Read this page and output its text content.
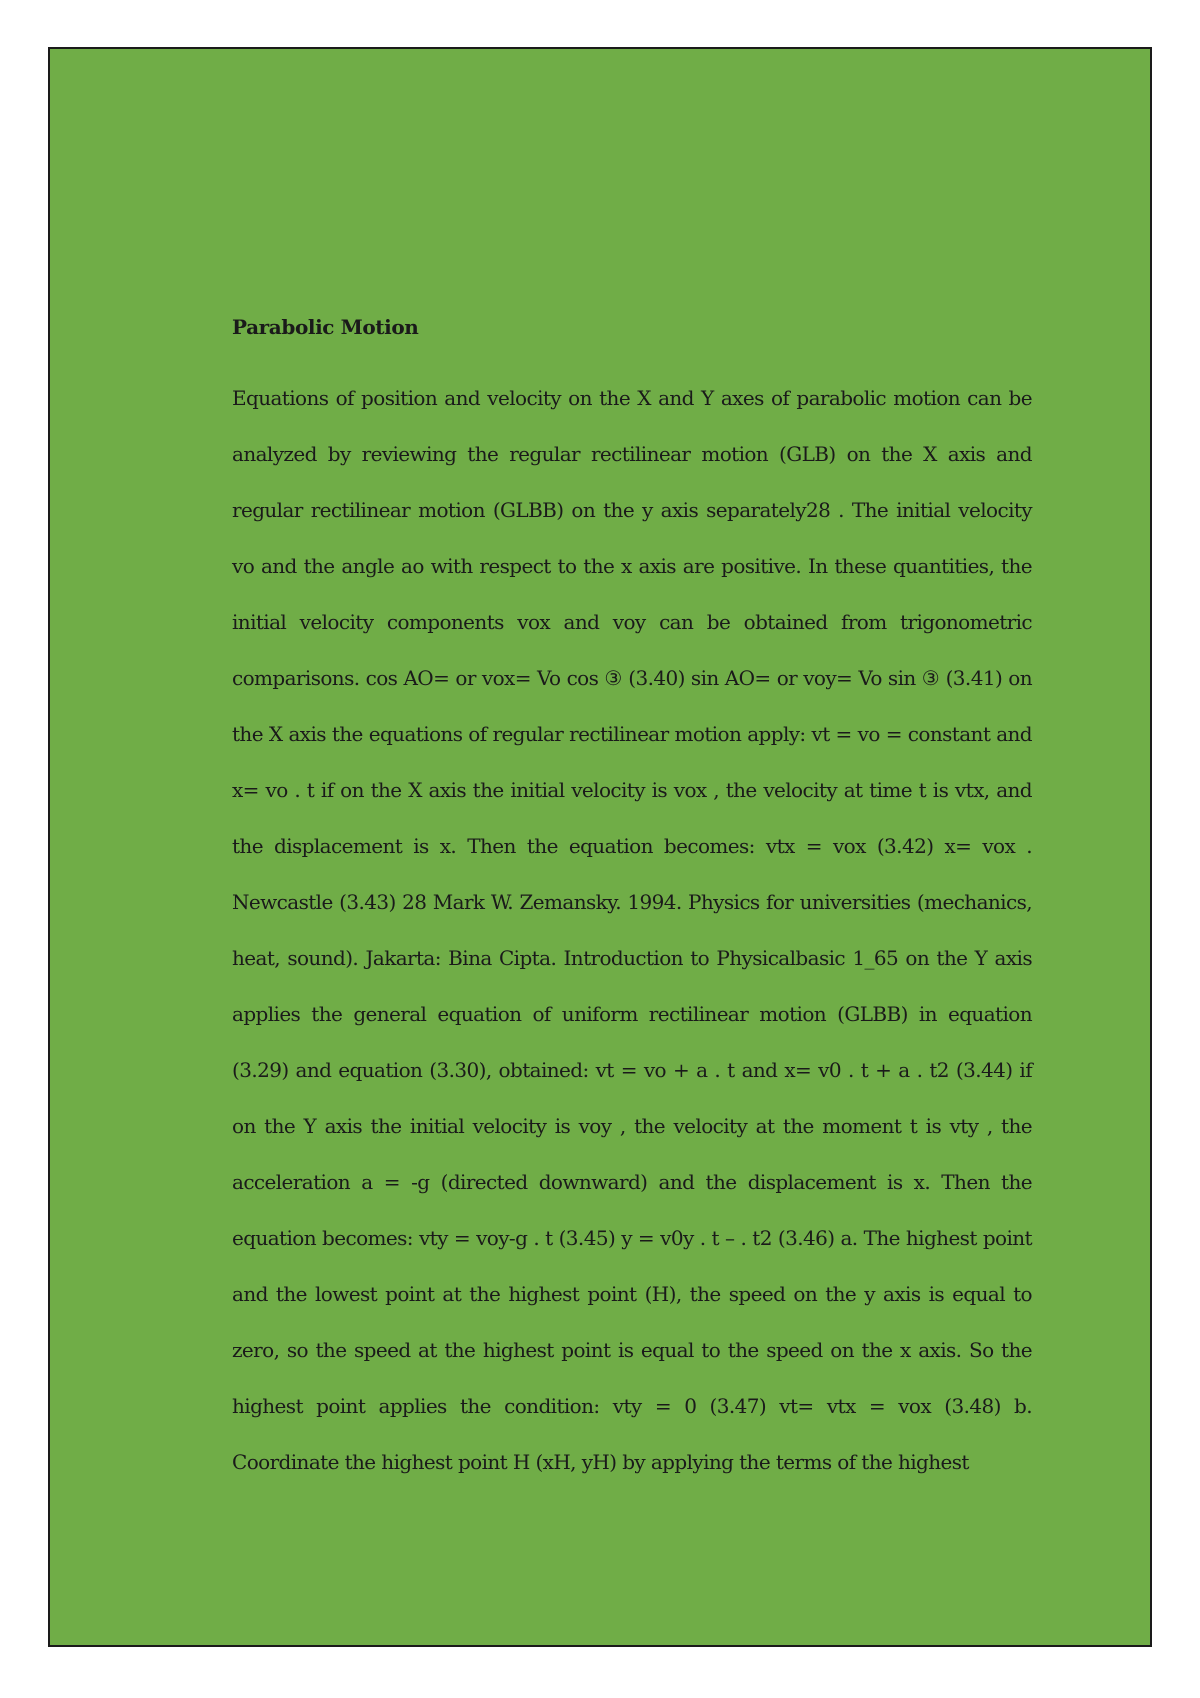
Parabolic Motion

Equations of position and velocity on the X and Y axes of parabolic motion can be analyzed by reviewing the regular rectilinear motion (GLB) on the X axis and regular rectilinear motion (GLBB) on the y axis separately28 . The initial velocity vo and the angle ao with respect to the x axis are positive. In these quantities, the initial velocity components vox and voy can be obtained from trigonometric comparisons. cos AO= or vox= Vo cos ③ (3.40) sin AO= or voy= Vo sin ③ (3.41) on the X axis the equations of regular rectilinear motion apply: vt = vo = constant and x= vo . t if on the X axis the initial velocity is vox , the velocity at time t is vtx, and the displacement is x. Then the equation becomes: vtx = vox (3.42) x= vox . Newcastle (3.43) 28 Mark W. Zemansky. 1994. Physics for universities (mechanics, heat, sound). Jakarta: Bina Cipta. Introduction to Physicalbasic 1_65 on the Y axis applies the general equation of uniform rectilinear motion (GLBB) in equation (3.29) and equation (3.30), obtained: vt = vo + a . t and x= v0 . t + a . t2 (3.44) if on the Y axis the initial velocity is voy , the velocity at the moment t is vty , the acceleration a = -g (directed downward) and the displacement is x. Then the equation becomes: vty = voy-g . t (3.45) y = v0y . t – . t2 (3.46) a. The highest point and the lowest point at the highest point (H), the speed on the y axis is equal to zero, so the speed at the highest point is equal to the speed on the x axis. So the highest point applies the condition: vty = 0 (3.47) vt= vtx = vox (3.48) b. Coordinate the highest point H (xH, yH) by applying the terms of the highest
